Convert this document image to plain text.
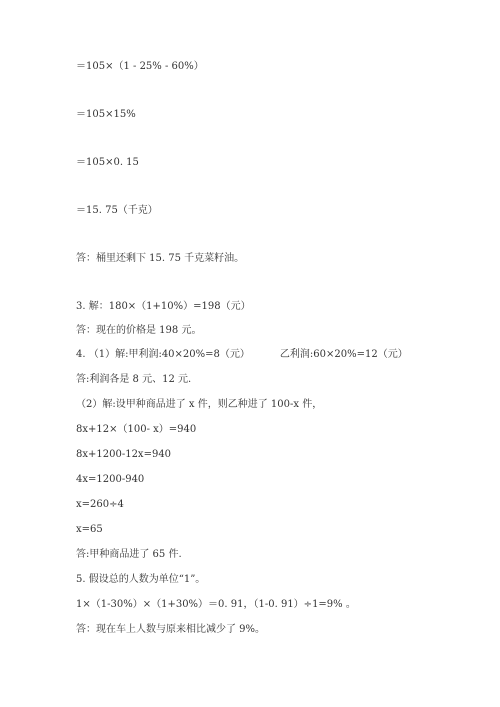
＝105×（1 - 25% - 60%）
＝105×15%
＝105×0. 15
＝15. 75（千克）
答：桶里还剩下 15. 75 千克菜籽油。
3. 解：180×（1+10%）=198（元）
答：现在的价格是 198 元。
4. （1）解:甲利润:40×20%=8（元）	乙利润:60×20%=12（元）
答:利润各是 8 元、12 元.
（2）解:设甲种商品进了 x 件，则乙种进了 100-x 件，
8x+12×（100- x）=940
8x+1200-12x=940
4x=1200-940
x=260÷4
x=65
答:甲种商品进了 65 件.
5. 假设总的人数为单位“1”。
1×（1-30%）×（1+30%）＝0. 91，（1-0. 91）÷1=9% 。
答：现在车上人数与原来相比减少了 9%。
